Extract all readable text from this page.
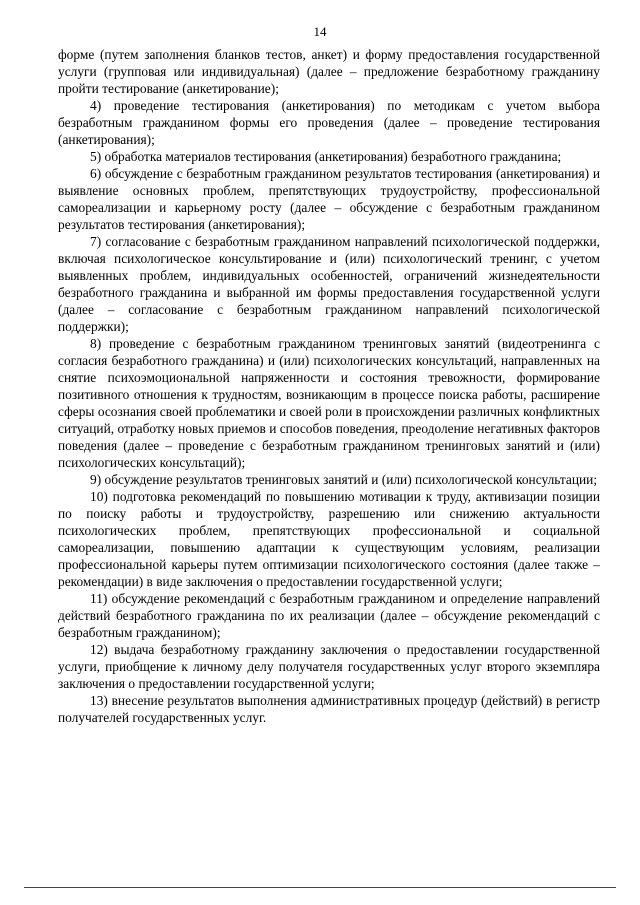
14

форме (путем заполнения бланков тестов, анкет) и форму предоставления государственной услуги (групповая или индивидуальная) (далее – предложение безработному гражданину пройти тестирование (анкетирование);

4) проведение тестирования (анкетирования) по методикам с учетом выбора безработным гражданином формы его проведения (далее – проведение тестирования (анкетирования);

5) обработка материалов тестирования (анкетирования) безработного гражданина;

6) обсуждение с безработным гражданином результатов тестирования (анкетирования) и выявление основных проблем, препятствующих трудоустройству, профессиональной самореализации и карьерному росту (далее – обсуждение с безработным гражданином результатов тестирования (анкетирования);

7) согласование с безработным гражданином направлений психологической поддержки, включая психологическое консультирование и (или) психологический тренинг, с учетом выявленных проблем, индивидуальных особенностей, ограничений жизнедеятельности безработного гражданина и выбранной им формы предоставления государственной услуги (далее – согласование с безработным гражданином направлений психологической поддержки);

8) проведение с безработным гражданином тренинговых занятий (видеотренинга с согласия безработного гражданина) и (или) психологических консультаций, направленных на снятие психоэмоциональной напряженности и состояния тревожности, формирование позитивного отношения к трудностям, возникающим в процессе поиска работы, расширение сферы осознания своей проблематики и своей роли в происхождении различных конфликтных ситуаций, отработку новых приемов и способов поведения, преодоление негативных факторов поведения (далее – проведение с безработным гражданином тренинговых занятий и (или) психологических консультаций);

9) обсуждение результатов тренинговых занятий и (или) психологической консультации;

10) подготовка рекомендаций по повышению мотивации к труду, активизации позиции по поиску работы и трудоустройству, разрешению или снижению актуальности психологических проблем, препятствующих профессиональной и социальной самореализации, повышению адаптации к существующим условиям, реализации профессиональной карьеры путем оптимизации психологического состояния (далее также – рекомендации) в виде заключения о предоставлении государственной услуги;

11) обсуждение рекомендаций с безработным гражданином и определение направлений действий безработного гражданина по их реализации (далее – обсуждение рекомендаций с безработным гражданином);

12) выдача безработному гражданину заключения о предоставлении государственной услуги, приобщение к личному делу получателя государственных услуг второго экземпляра заключения о предоставлении государственной услуги;

13) внесение результатов выполнения административных процедур (действий) в регистр получателей государственных услуг.
